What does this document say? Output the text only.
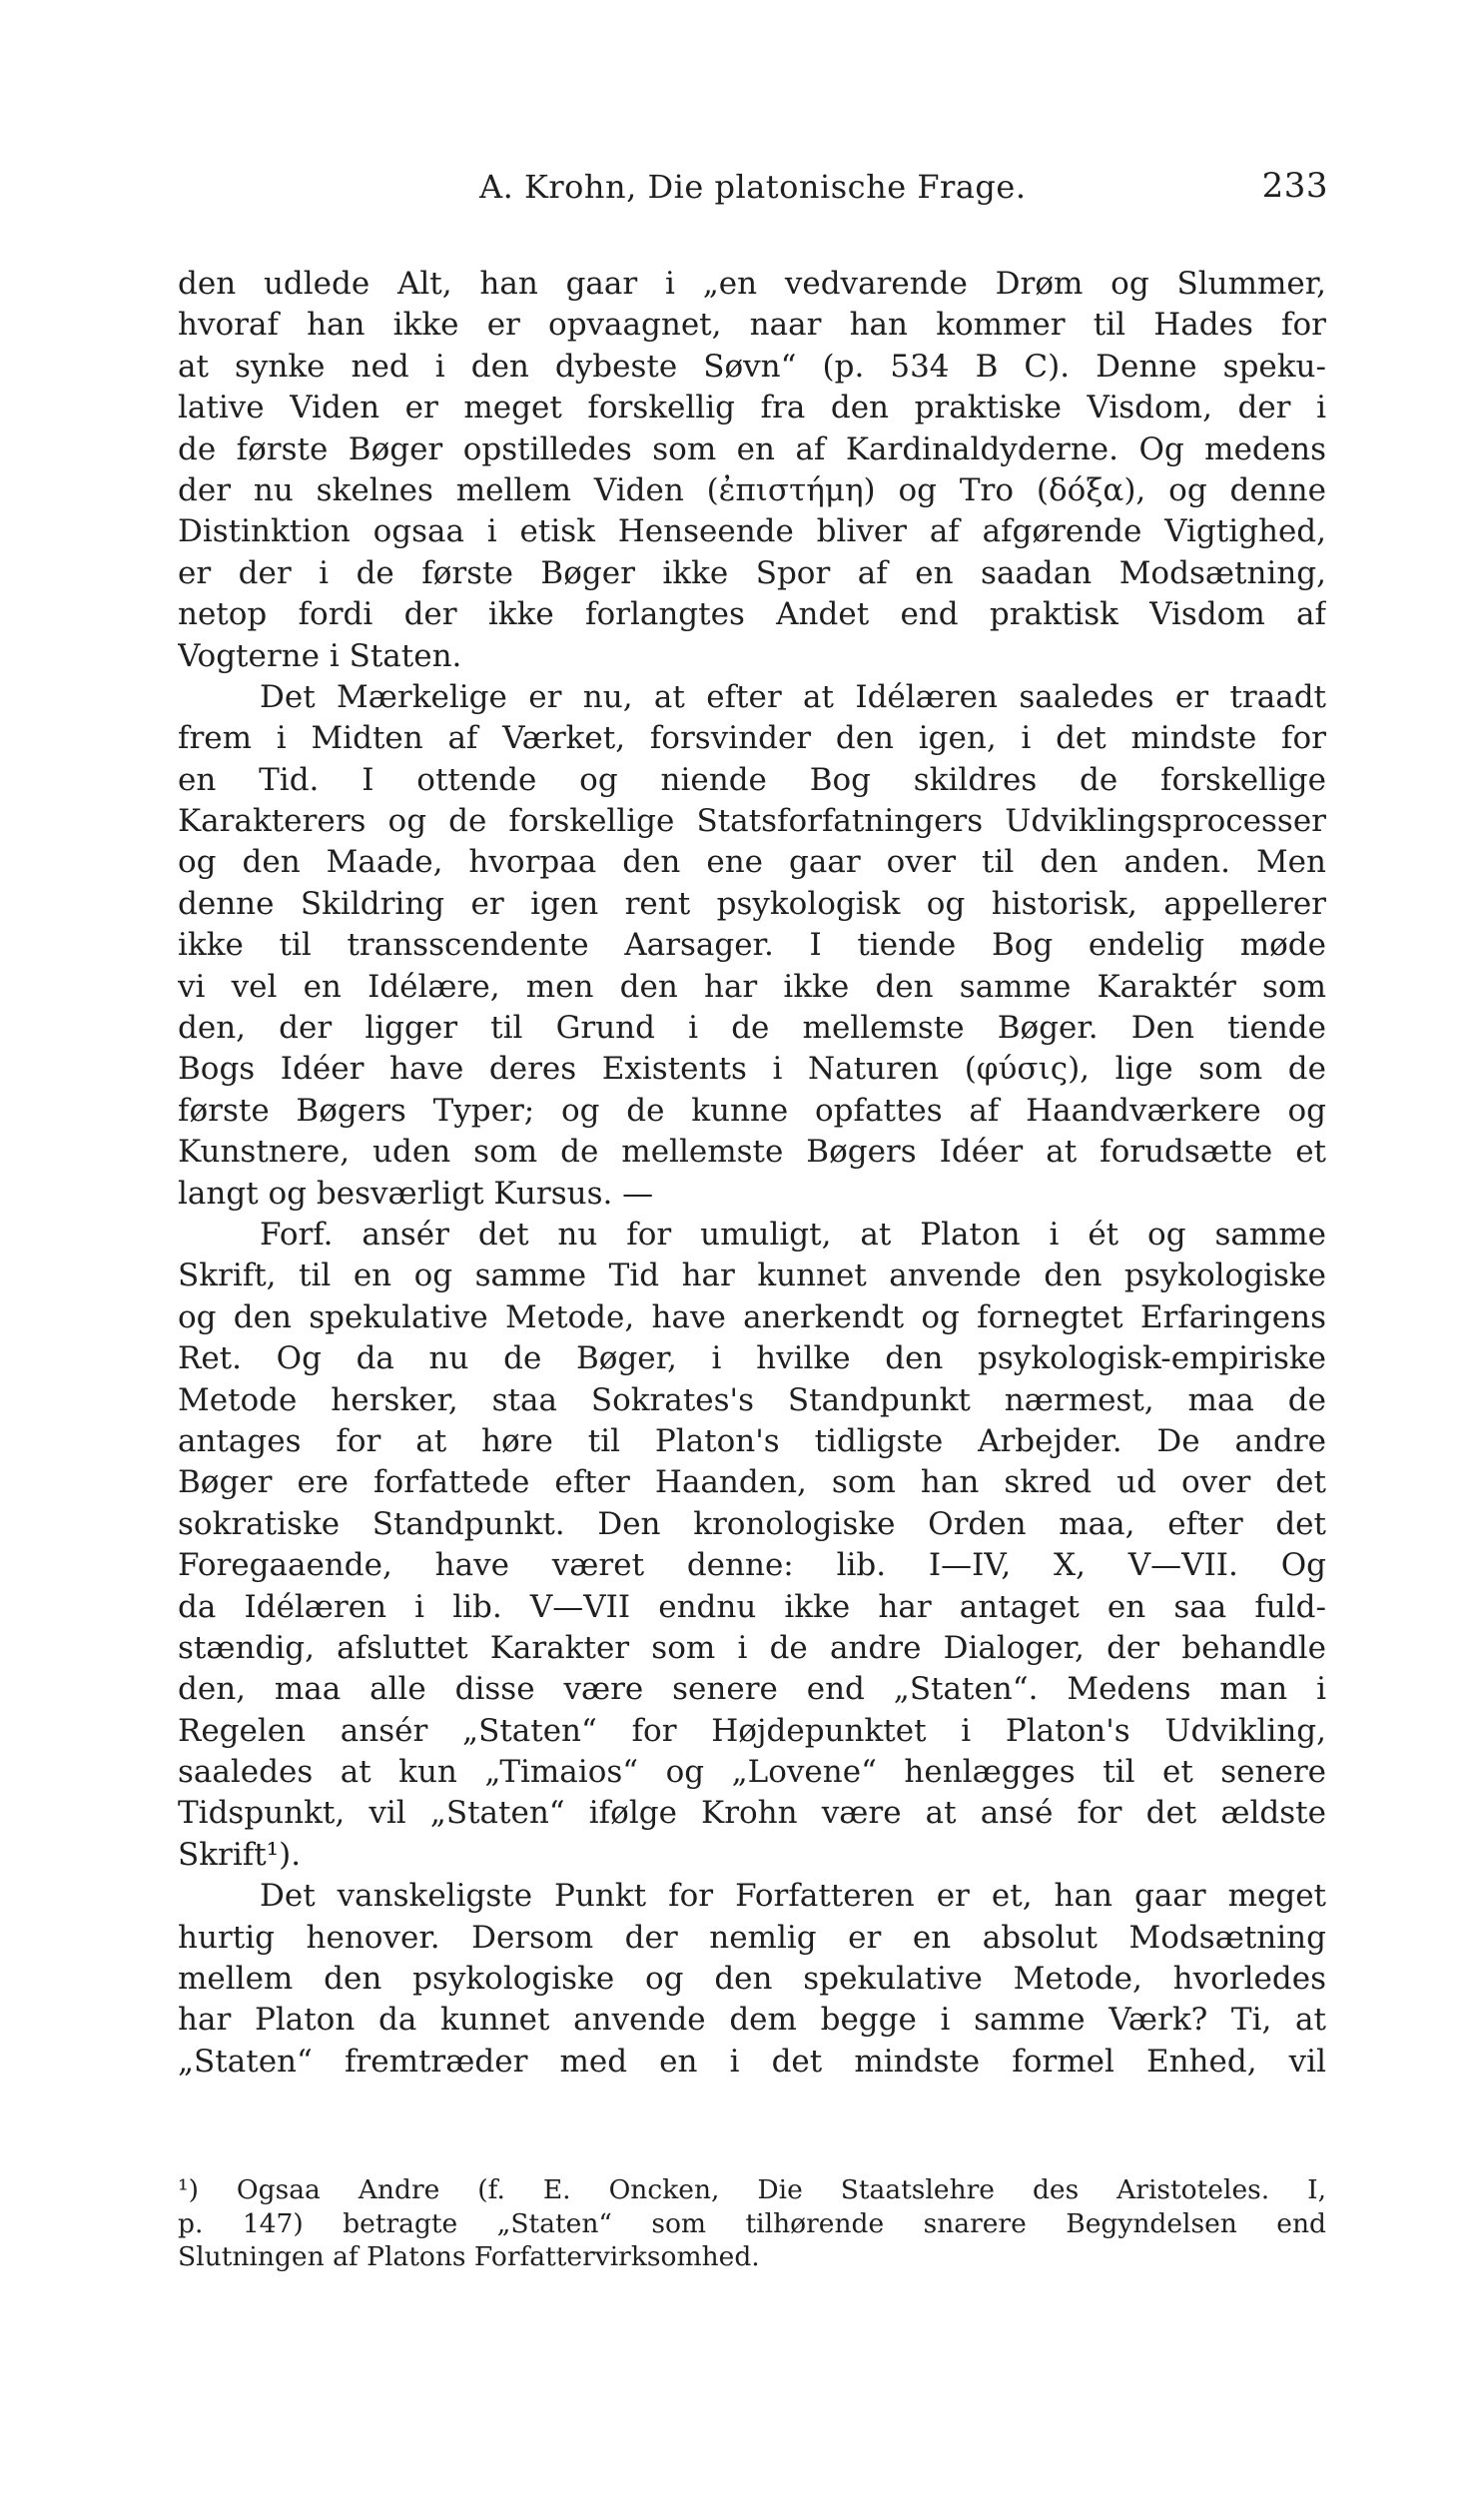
A. Krohn, Die platonische Frage.	233
den udlede Alt, han gaar i „en vedvarende Drøm og Slummer,
hvoraf han ikke er opvaagnet, naar han kommer til Hades for
at synke ned i den dybeste Søvn“ (p. 534 B C). Denne speku-
lative Viden er meget forskellig fra den praktiske Visdom, der i
de første Bøger opstilledes som en af Kardinaldyderne. Og medens
der nu skelnes mellem Viden (ἐπιστήμη) og Tro (δόξα), og denne
Distinktion ogsaa i etisk Henseende bliver af afgørende Vigtighed,
er der i de første Bøger ikke Spor af en saadan Modsætning,
netop fordi der ikke forlangtes Andet end praktisk Visdom af
Vogterne i Staten.
Det Mærkelige er nu, at efter at Idélæren saaledes er traadt
frem i Midten af Værket, forsvinder den igen, i det mindste for
en Tid. I ottende og niende Bog skildres de forskellige
Karakterers og de forskellige Statsforfatningers Udviklingsprocesser
og den Maade, hvorpaa den ene gaar over til den anden. Men
denne Skildring er igen rent psykologisk og historisk, appellerer
ikke til transscendente Aarsager. I tiende Bog endelig møde
vi vel en Idélære, men den har ikke den samme Karaktér som
den, der ligger til Grund i de mellemste Bøger. Den tiende
Bogs Idéer have deres Existents i Naturen (φύσις), lige som de
første Bøgers Typer; og de kunne opfattes af Haandværkere og
Kunstnere, uden som de mellemste Bøgers Idéer at forudsætte et
langt og besværligt Kursus. —
Forf. ansér det nu for umuligt, at Platon i ét og samme
Skrift, til en og samme Tid har kunnet anvende den psykologiske
og den spekulative Metode, have anerkendt og fornegtet Erfaringens
Ret. Og da nu de Bøger, i hvilke den psykologisk-empiriske
Metode hersker, staa Sokrates's Standpunkt nærmest, maa de
antages for at høre til Platon's tidligste Arbejder. De andre
Bøger ere forfattede efter Haanden, som han skred ud over det
sokratiske Standpunkt. Den kronologiske Orden maa, efter det
Foregaaende, have været denne: lib. I—IV, X, V—VII. Og
da Idélæren i lib. V—VII endnu ikke har antaget en saa fuld-
stændig, afsluttet Karakter som i de andre Dialoger, der behandle
den, maa alle disse være senere end „Staten“. Medens man i
Regelen ansér „Staten“ for Højdepunktet i Platon's Udvikling,
saaledes at kun „Timaios“ og „Lovene“ henlægges til et senere
Tidspunkt, vil „Staten“ ifølge Krohn være at ansé for det ældste
Skrift¹).
Det vanskeligste Punkt for Forfatteren er et, han gaar meget
hurtig henover. Dersom der nemlig er en absolut Modsætning
mellem den psykologiske og den spekulative Metode, hvorledes
har Platon da kunnet anvende dem begge i samme Værk? Ti, at
„Staten“ fremtræder med en i det mindste formel Enhed, vil
¹) Ogsaa Andre (f. E. Oncken, Die Staatslehre des Aristoteles. I,
p. 147) betragte „Staten“ som tilhørende snarere Begyndelsen end
Slutningen af Platons Forfattervirksomhed.
